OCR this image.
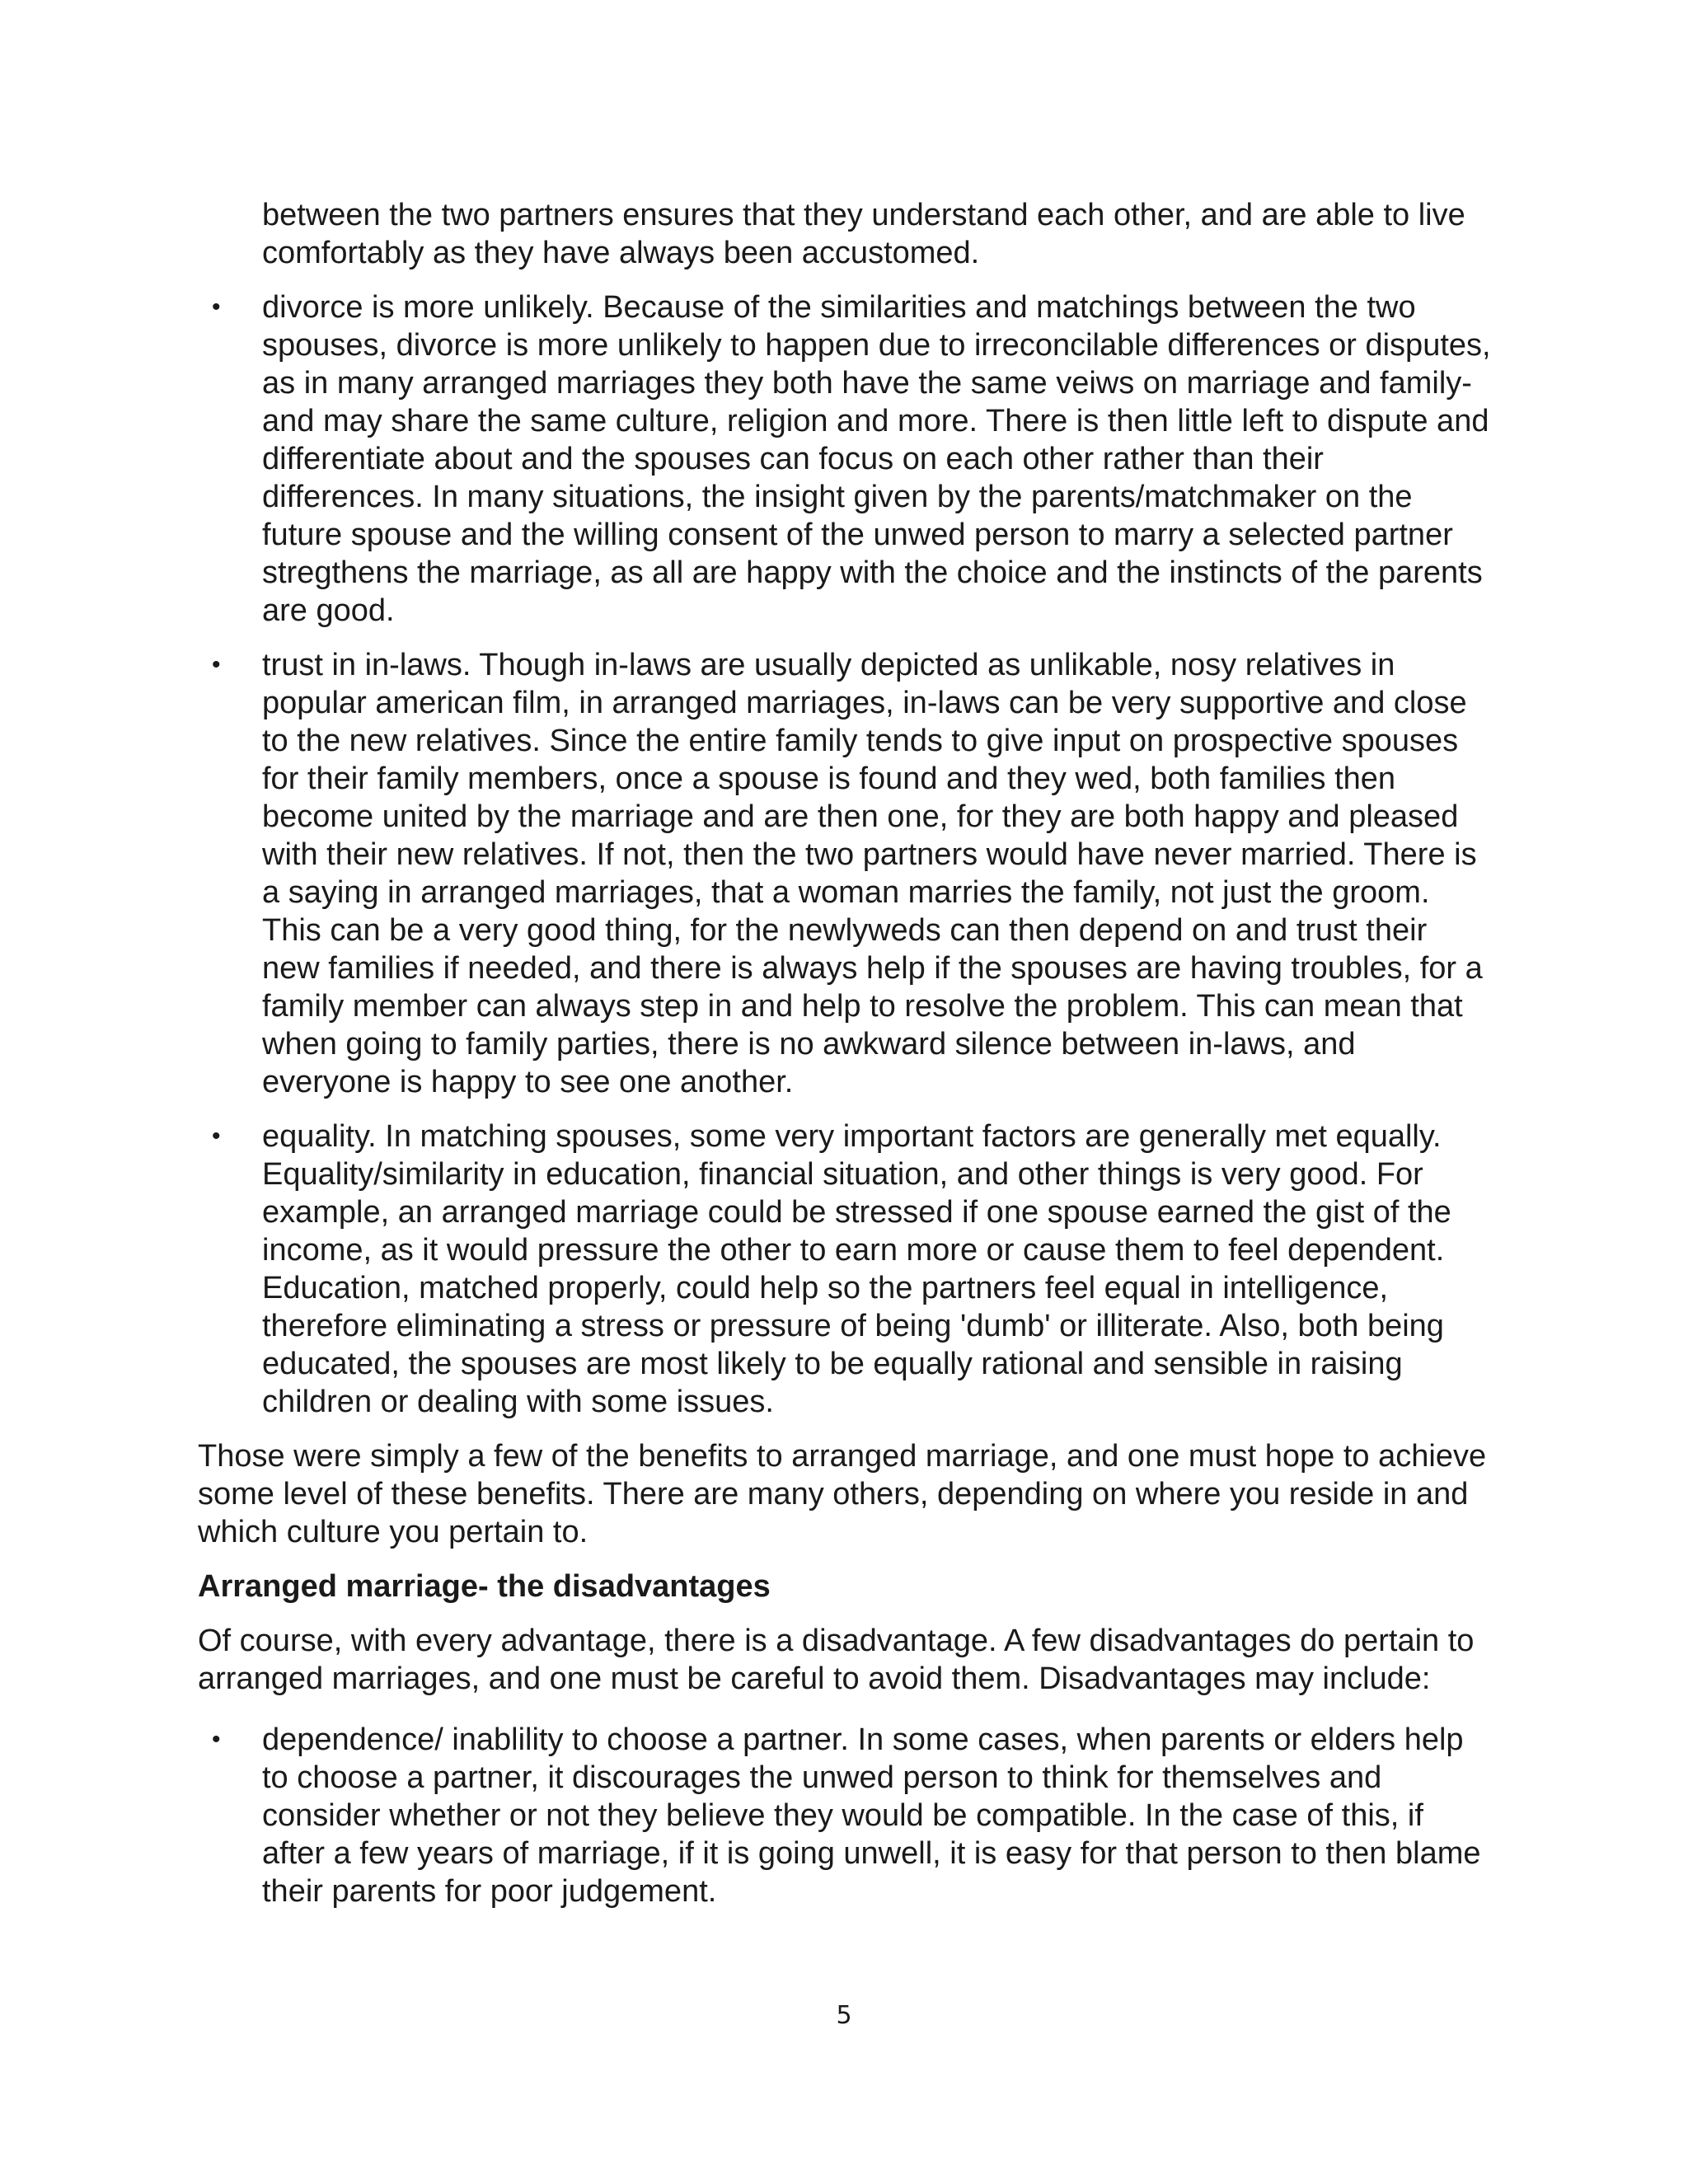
between the two partners ensures that they understand each other, and are able to live comfortably as they have always been accustomed.

• divorce is more unlikely. Because of the similarities and matchings between the two spouses, divorce is more unlikely to happen due to irreconcilable differences or disputes, as in many arranged marriages they both have the same veiws on marriage and family- and may share the same culture, religion and more. There is then little left to dispute and differentiate about and the spouses can focus on each other rather than their differences. In many situations, the insight given by the parents/matchmaker on the future spouse and the willing consent of the unwed person to marry a selected partner stregthens the marriage, as all are happy with the choice and the instincts of the parents are good.
• trust in in-laws. Though in-laws are usually depicted as unlikable, nosy relatives in popular american film, in arranged marriages, in-laws can be very supportive and close to the new relatives. Since the entire family tends to give input on prospective spouses for their family members, once a spouse is found and they wed, both families then become united by the marriage and are then one, for they are both happy and pleased with their new relatives. If not, then the two partners would have never married. There is a saying in arranged marriages, that a woman marries the family, not just the groom. This can be a very good thing, for the newlyweds can then depend on and trust their new families if needed, and there is always help if the spouses are having troubles, for a family member can always step in and help to resolve the problem. This can mean that when going to family parties, there is no awkward silence between in-laws, and everyone is happy to see one another.
• equality. In matching spouses, some very important factors are generally met equally. Equality/similarity in education, financial situation, and other things is very good. For example, an arranged marriage could be stressed if one spouse earned the gist of the income, as it would pressure the other to earn more or cause them to feel dependent. Education, matched properly, could help so the partners feel equal in intelligence, therefore eliminating a stress or pressure of being 'dumb' or illiterate. Also, both being educated, the spouses are most likely to be equally rational and sensible in raising children or dealing with some issues.

Those were simply a few of the benefits to arranged marriage, and one must hope to achieve some level of these benefits. There are many others, depending on where you reside in and which culture you pertain to.

Arranged marriage- the disadvantages

Of course, with every advantage, there is a disadvantage. A few disadvantages do pertain to arranged marriages, and one must be careful to avoid them. Disadvantages may include:

• dependence/ inablility to choose a partner. In some cases, when parents or elders help to choose a partner, it discourages the unwed person to think for themselves and consider whether or not they believe they would be compatible. In the case of this, if after a few years of marriage, if it is going unwell, it is easy for that person to then blame their parents for poor judgement.
5
